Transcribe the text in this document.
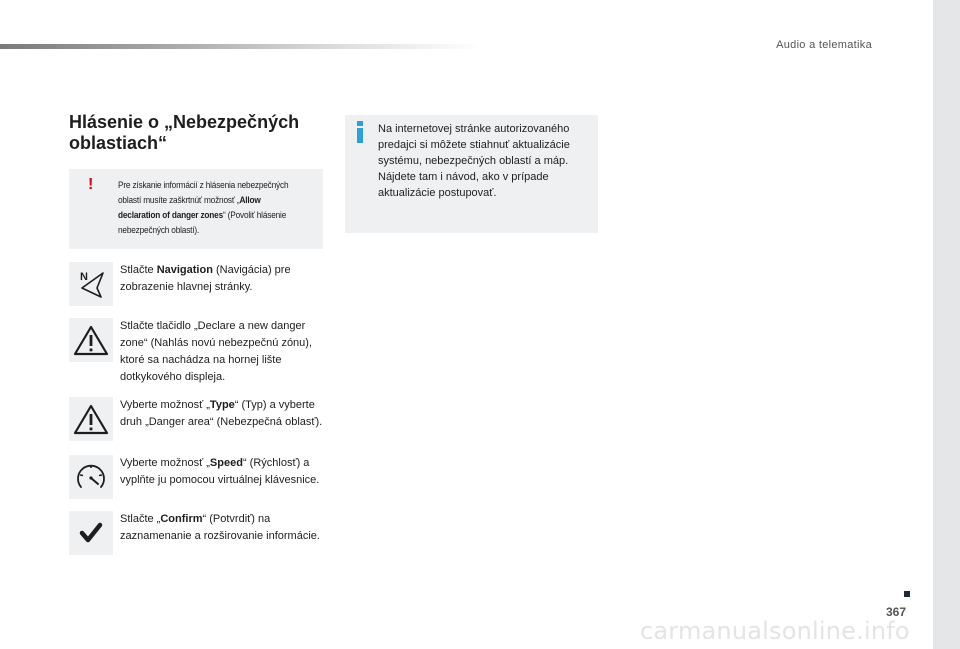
Audio a telematika
Hlásenie o „Nebezpečných oblastiach“
!	Pre získanie informácií z hlásenia nebezpečných oblastí musíte zaškrtnúť možnosť „Allow declaration of danger zones“ (Povoliť hlásenie nebezpečných oblastí).
Na internetovej stránke autorizovaného predajci si môžete stiahnuť aktualizácie systému, nebezpečných oblastí a máp. Nájdete tam i návod, ako v prípade aktualizácie postupovať.
N
Stlačte Navigation (Navigácia) pre zobrazenie hlavnej stránky.
Stlačte tlačidlo „Declare a new danger zone“ (Nahlás novú nebezpečnú zónu), ktoré sa nachádza na hornej lište dotkykového displeja.
Vyberte možnosť „Type“ (Typ) a vyberte druh „Danger area“ (Nebezpečná oblasť).
Vyberte možnosť „Speed“ (Rýchlosť) a vyplňte ju pomocou virtuálnej klávesnice.
Stlačte „Confirm“ (Potvrdiť) na zaznamenanie a rozširovanie informácie.
367
carmanualsonline.info
